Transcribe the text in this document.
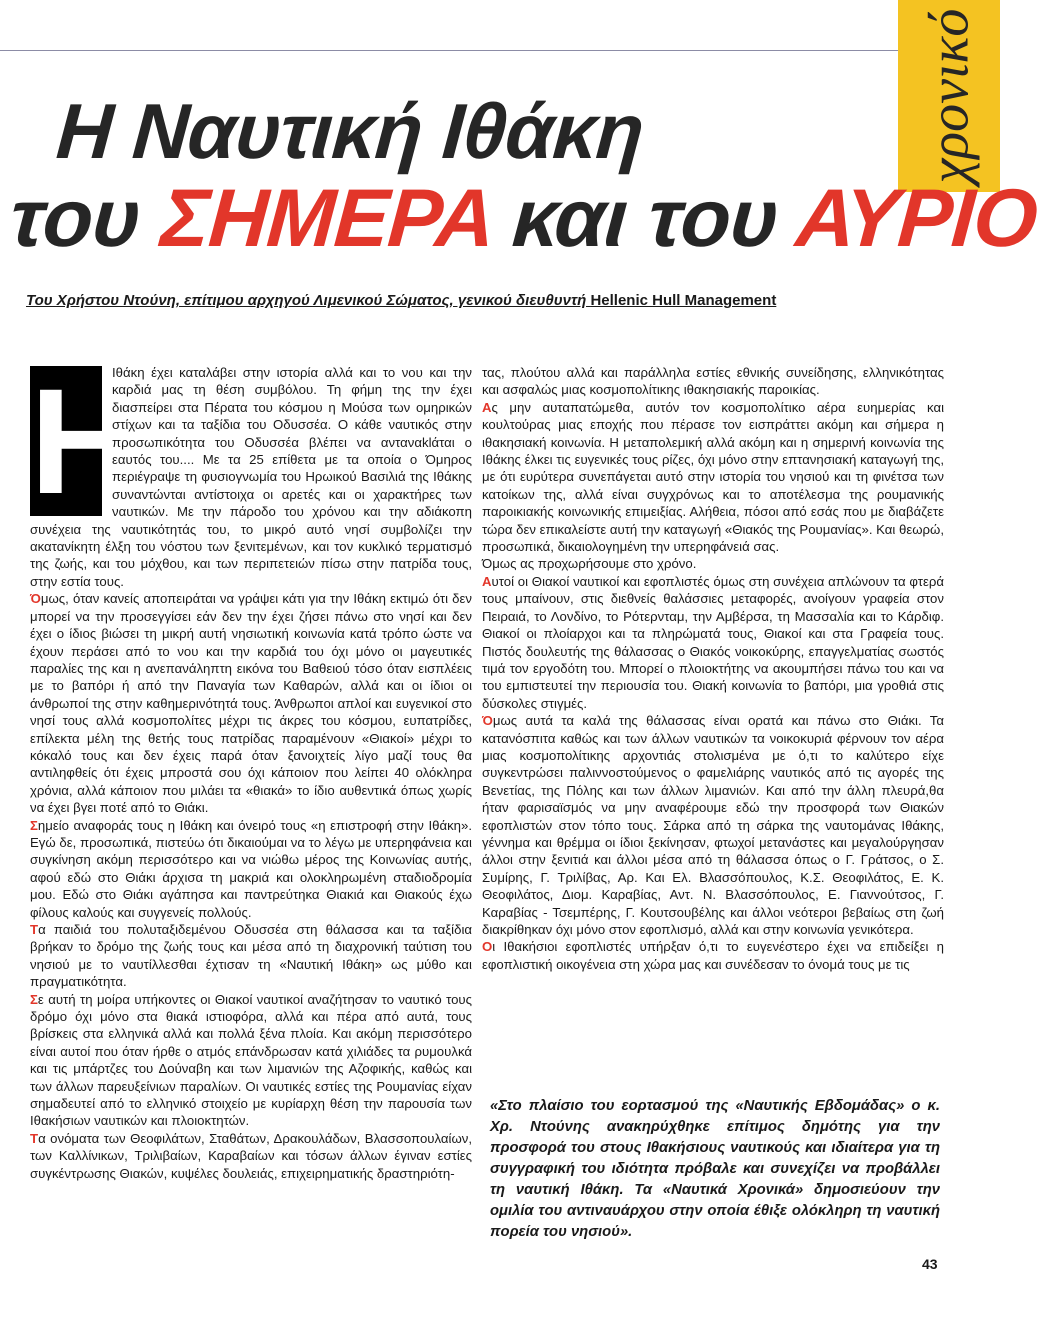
χρονικό
Η Ναυτική Ιθάκη
του ΣΗΜΕΡΑ και του ΑΥΡΙΟ
Του Χρήστου Ντούνη, επίτιμου αρχηγού Λιμενικού Σώματος, γενικού διευθυντή Hellenic Hull Management
Η

Ιθάκη έχει καταλάβει στην ιστορία αλλά και το νου και την καρδιά μας τη θέση συμβόλου. Τη φήμη της την έχει διασπείρει στα Πέρατα του κόσμου η Μούσα των ομηρικών στίχων και τα ταξίδια του Οδυσσέα. Ο κάθε ναυτικός στην προσωπικότητα του Οδυσσέα βλέπει να ανταναklάται ο εαυτός του.... Με τα 25 επίθετα με τα οποία ο Όμηρος περιέγραψε τη φυσιογνωμία του Ηρωικού Βασιλιά της Ιθάκης συναντώνται αντίστοιχα οι αρετές και οι χαρακτήρες των ναυτικών. Με την πάροδο του χρόνου και την αδιάκοπη συνέχεια της ναυτικότητάς του, το μικρό αυτό νησί συμβολίζει την ακατανίκητη έλξη του νόστου των ξενιτεμένων, και τον κυκλικό τερματισμό της ζωής, και του μόχθου, και των περιπετειών πίσω στην πατρίδα τους, στην εστία τους.

Όμως, όταν κανείς αποπειράται να γράψει κάτι για την Ιθάκη εκτιμώ ότι δεν μπορεί να την προσεγγίσει εάν δεν την έχει ζήσει πάνω στο νησί και δεν έχει ο ίδιος βιώσει τη μικρή αυτή νησιωτική κοινωνία κατά τρόπο ώστε να έχουν περάσει από το νου και την καρδιά του όχι μόνο οι μαγευτικές παραλίες της και η ανεπανάληπτη εικόνα του Βαθειού τόσο όταν εισπλέεις με το βαπόρι ή από την Παναγία των Καθαρών, αλλά και οι ίδιοι οι άνθρωποί της στην καθημερινότητά τους. Άνθρωποι απλοί και ευγενικοί στο νησί τους αλλά κοσμοπολίτες μέχρι τις άκρες του κόσμου, ευπατρίδες, επίλεκτα μέλη της θετής τους πατρίδας παραμένουν «Θιακοί» μέχρι το κόκαλό τους και δεν έχεις παρά όταν ξανοιχτείς λίγο μαζί τους θα αντιληφθείς ότι έχεις μπροστά σου όχι κάποιον που λείπει 40 ολόκληρα χρόνια, αλλά κάποιον που μιλάει τα «θιακά» το ίδιο αυθεντικά όπως χωρίς να έχει βγει ποτέ από το Θιάκι.

Σημείο αναφοράς τους η Ιθάκη και όνειρό τους «η επιστροφή στην Ιθάκη». Εγώ δε, προσωπικά, πιστεύω ότι δικαιούμαι να το λέγω με υπερηφάνεια και συγκίνηση ακόμη περισσότερο και να νιώθω μέρος της Κοινωνίας αυτής, αφού εδώ στο Θιάκι άρχισα τη μακριά και ολοκληρωμένη σταδιοδρομία μου. Εδώ στο Θιάκι αγάπησα και παντρεύτηκα Θιακιά και Θιακούς έχω φίλους καλούς και συγγενείς πολλούς.

Τα παιδιά του πολυταξιδεμένου Οδυσσέα στη θάλασσα και τα ταξίδια βρήκαν το δρόμο της ζωής τους και μέσα από τη διαχρονική ταύτιση του νησιού με το ναυτίλλεσθαι έχτισαν τη «Ναυτική Ιθάκη» ως μύθο και πραγματικότητα.

Σε αυτή τη μοίρα υπήκοντες οι Θιακοί ναυτικοί αναζήτησαν το ναυτικό τους δρόμο όχι μόνο στα θιακά ιστιοφόρα, αλλά και πέρα από αυτά, τους βρίσκεις στα ελληνικά αλλά και πολλά ξένα πλοία. Και ακόμη περισσότερο είναι αυτοί που όταν ήρθε ο ατμός επάνδρωσαν κατά χιλιάδες τα ρυμουλκά και τις μπάρτζες του Δούναβη και των λιμανιών της Αζοφικής, καθώς και των άλλων παρευξείνιων παραλίων. Οι ναυτικές εστίες της Ρουμανίας είχαν σημαδευτεί από το ελληνικό στοιχείο με κυρίαρχη θέση την παρουσία των Ιθακήσιων ναυτικών και πλοιοκτητών.

Τα ονόματα των Θεοφιλάτων, Σταθάτων, Δρακουλάδων, Βλασσοπουλαίων, των Καλλίνικων, Τριλιβαίων, Καραβαίων και τόσων άλλων έγιναν εστίες συγκέντρωσης Θιακών, κυψέλες δουλειάς, επιχειρηματικής δραστηριότη-

τας, πλούτου αλλά και παράλληλα εστίες εθνικής συνείδησης, ελληνικότητας και ασφαλώς μιας κοσμοπολίτικης ιθακησιακής παροικίας.

Ας μην αυταπατώμεθα, αυτόν τον κοσμοπολίτικο αέρα ευημερίας και κουλτούρας μιας εποχής που πέρασε τον εισπράττει ακόμη και σήμερα η ιθακησιακή κοινωνία. Η μεταπολεμική αλλά ακόμη και η σημερινή κοινωνία της Ιθάκης έλκει τις ευγενικές τους ρίζες, όχι μόνο στην επτανησιακή καταγωγή της, με ότι ευρύτερα συνεπάγεται αυτό στην ιστορία του νησιού και τη φινέτσα των κατοίκων της, αλλά είναι συγχρόνως και το αποτέλεσμα της ρουμανικής παροικιακής κοινωνικής επιμειξίας. Αλήθεια, πόσοι από εσάς που με διαβάζετε τώρα δεν επικαλείστε αυτή την καταγωγή «Θιακός της Ρουμανίας». Και θεωρώ, προσωπικά, δικαιολογημένη την υπερηφάνειά σας.

Όμως ας προχωρήσουμε στο χρόνο.

Αυτοί οι Θιακοί ναυτικοί και εφοπλιστές όμως στη συνέχεια απλώνουν τα φτερά τους μπαίνουν, στις διεθνείς θαλάσσιες μεταφορές, ανοίγουν γραφεία στον Πειραιά, το Λονδίνο, το Ρότερνταμ, την Αμβέρσα, τη Μασσαλία και το Κάρδιφ. Θιακοί οι πλοίαρχοι και τα πληρώματά τους, Θιακοί και στα Γραφεία τους. Πιστός δουλευτής της θάλασσας ο Θιακός νοικοκύρης, επαγγελματίας σωστός τιμά τον εργοδότη του. Μπορεί ο πλοιοκτήτης να ακουμπήσει πάνω του και να του εμπιστευτεί την περιουσία του. Θιακή κοινωνία το βαπόρι, μια γροθιά στις δύσκολες στιγμές.

Όμως αυτά τα καλά της θάλασσας είναι ορατά και πάνω στο Θιάκι. Τα κατανόσπιτα καθώς και των άλλων ναυτικών τα νοικοκυριά φέρνουν τον αέρα μιας κοσμοπολίτικης αρχοντιάς στολισμένα με ό,τι το καλύτερο είχε συγκεντρώσει παλιννοστούμενος ο φαμελιάρης ναυτικός από τις αγορές της Βενετίας, της Πόλης και των άλλων λιμανιών. Και από την άλλη πλευρά,θα ήταν φαρισαϊσμός να μην αναφέρουμε εδώ την προσφορά των Θιακών εφοπλιστών στον τόπο τους. Σάρκα από τη σάρκα της ναυτομάνας Ιθάκης, γέννημα και θρέμμα οι ίδιοι ξεκίνησαν, φτωχοί μετανάστες και μεγαλούργησαν άλλοι στην ξενιτιά και άλλοι μέσα από τη θάλασσα όπως ο Γ. Γράτσος, ο Σ. Συμίρης, Γ. Τριλίβας, Αρ. Και Ελ. Βλασσόπουλος, Κ.Σ. Θεοφιλάτος, Ε. Κ. Θεοφιλάτος, Διομ. Καραβίας, Αντ. Ν. Βλασσόπουλος, Ε. Γιανvούτσος, Γ. Καραβίας - Τσεμπέρης, Γ. Κουτσουβέλης και άλλοι νεότεροι βεβαίως στη ζωή διακρίθηκαν όχι μόνο στον εφοπλισμό, αλλά και στην κοινωνία γενικότερα.

Οι Ιθακήσιοι εφοπλιστές υπήρξαν ό,τι το ευγενέστερο έχει να επιδείξει η εφοπλιστική οικογένεια στη χώρα μας και συνέδεσαν το όνομά τους με τις

«Στο πλαίσιο του εορτασμού της «Ναυτικής Εβδομάδας» ο κ. Χρ. Ντούνης ανακηρύχθηκε επίτιμος δημότης για την προσφορά του στους Ιθακήσιους ναυτικούς και ιδιαίτερα για τη συγγραφική του ιδιότητα πρόβαλε και συνεχίζει να προβάλλει τη ναυτική Ιθάκη. Τα «Ναυτικά Χρονικά» δημοσιεύουν την ομιλία του αντιναυάρχου στην οποία έθιξε ολόκληρη τη ναυτική πορεία του νησιού».
43
